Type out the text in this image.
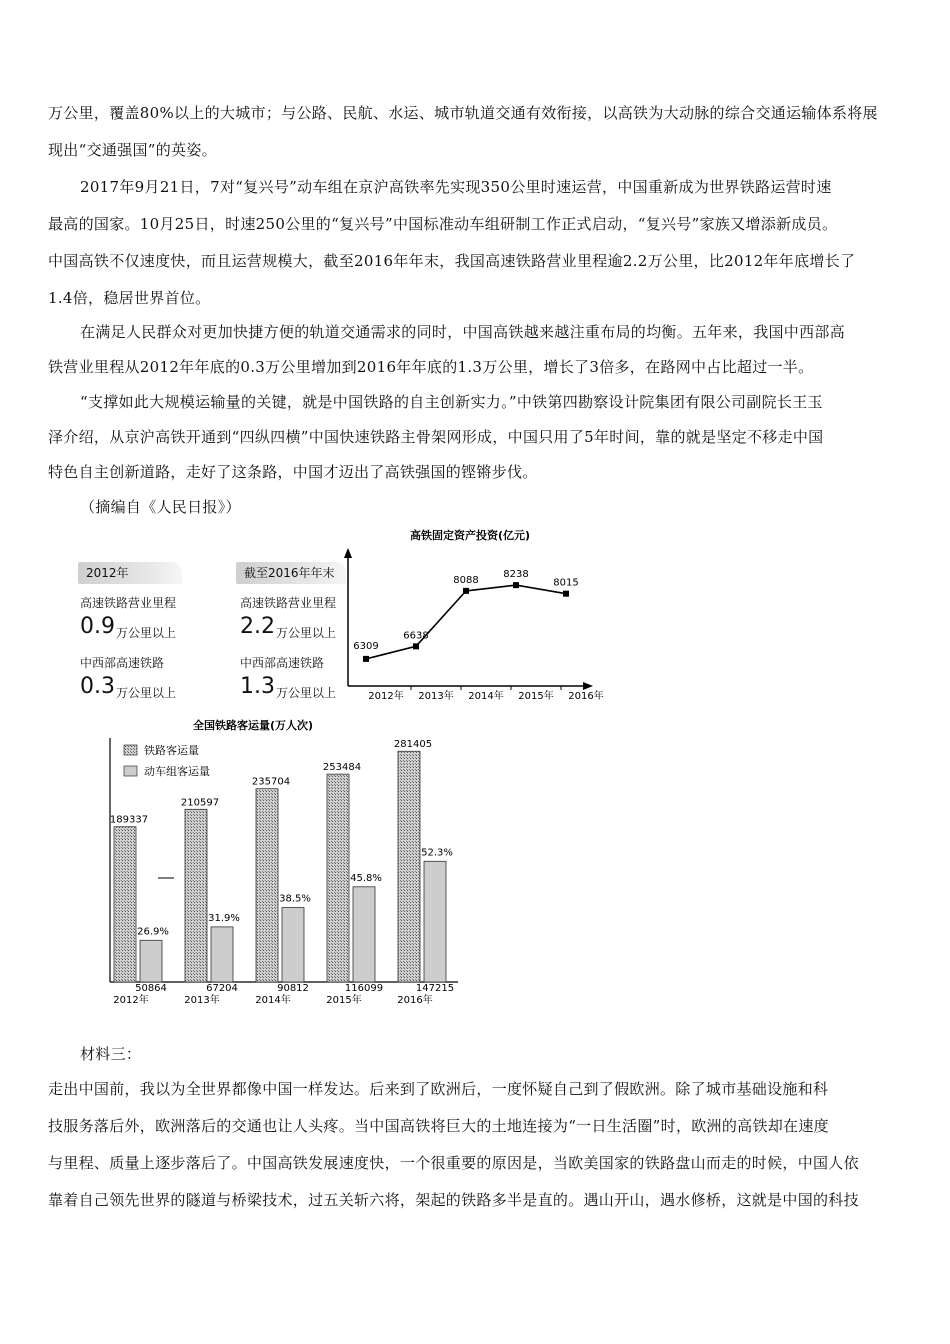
万公里，覆盖80%以上的大城市；与公路、民航、水运、城市轨道交通有效衔接，以高铁为大动脉的综合交通运输体系将展
现出“交通强国”的英姿。
2017年9月21日，7对“复兴号”动车组在京沪高铁率先实现350公里时速运营，中国重新成为世界铁路运营时速
最高的国家。10月25日，时速250公里的“复兴号”中国标准动车组研制工作正式启动，“复兴号”家族又增添新成员。
中国高铁不仅速度快，而且运营规模大，截至2016年年末，我国高速铁路营业里程逾2.2万公里，比2012年年底增长了
1.4倍，稳居世界首位。
在满足人民群众对更加快捷方便的轨道交通需求的同时，中国高铁越来越注重布局的均衡。五年来，我国中西部高
铁营业里程从2012年年底的0.3万公里增加到2016年年底的1.3万公里，增长了3倍多，在路网中占比超过一半。
“支撑如此大规模运输量的关键，就是中国铁路的自主创新实力。”中铁第四勘察设计院集团有限公司副院长王玉
泽介绍，从京沪高铁开通到“四纵四横”中国快速铁路主骨架网形成，中国只用了5年时间，靠的就是坚定不移走中国
特色自主创新道路，走好了这条路，中国才迈出了高铁强国的铿锵步伐。
（摘编自《人民日报》）
2012年
高速铁路营业里程
0.9 万公里以上
中西部高速铁路
0.3 万公里以上
截至2016年年末
高速铁路营业里程
2.2 万公里以上
中西部高速铁路
1.3 万公里以上
高铁固定资产投资(亿元)
6309
2012年
6638
2013年
8088
2014年
8238
2015年
8015
2016年
全国铁路客运量(万人次)
铁路客运量
动车组客运量
189337
26.9%
50864
2012年
210597
31.9%
67204
2013年
235704
38.5%
90812
2014年
253484
45.8%
116099
2015年
281405
52.3%
147215
2016年
材料三：
走出中国前，我以为全世界都像中国一样发达。后来到了欧洲后，一度怀疑自己到了假欧洲。除了城市基础设施和科
技服务落后外，欧洲落后的交通也让人头疼。当中国高铁将巨大的土地连接为“一日生活圈”时，欧洲的高铁却在速度
与里程、质量上逐步落后了。中国高铁发展速度快，一个很重要的原因是，当欧美国家的铁路盘山而走的时候，中国人依
靠着自己领先世界的隧道与桥梁技术，过五关斩六将，架起的铁路多半是直的。遇山开山，遇水修桥，这就是中国的科技
